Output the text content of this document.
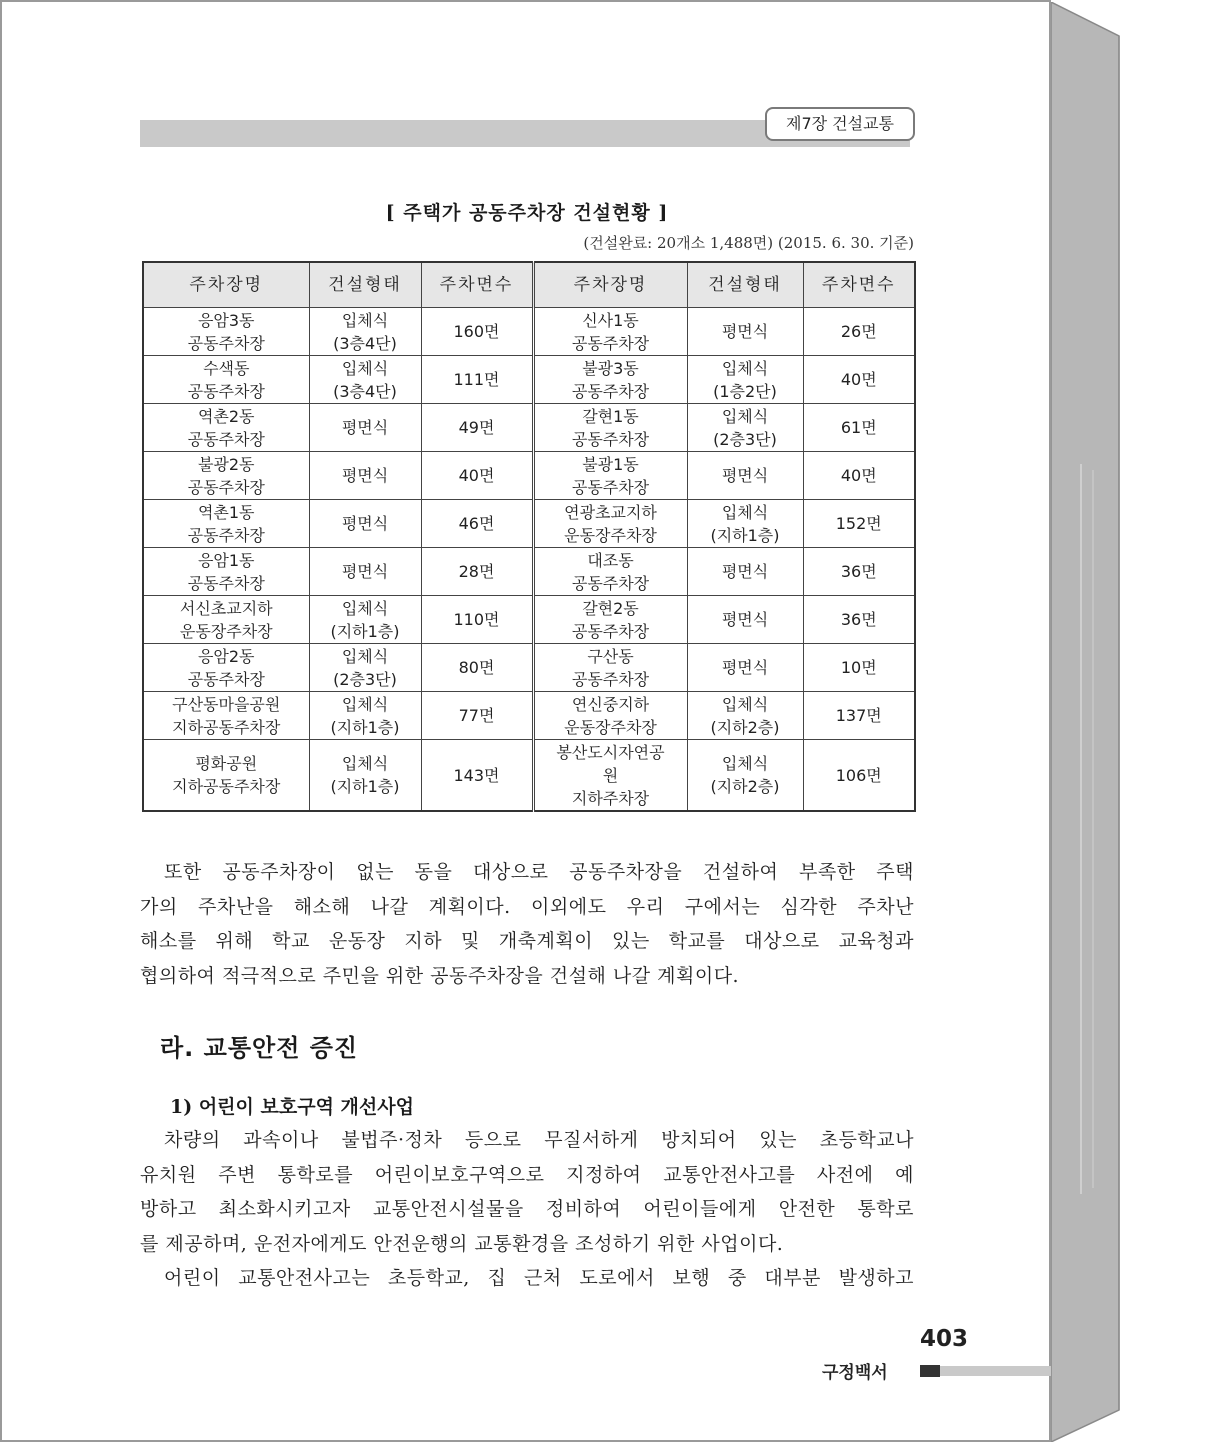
제7장 건설교통
[ 주택가 공동주차장 건설현황 ]
(건설완료: 20개소 1,488면) (2015. 6. 30. 기준)
주차장명	건설형태	주차면수	주차장명	건설형태	주차면수

응암3동
공동주차장	입체식
(3층4단)	160면	신사1동
공동주차장	평면식	26면

수색동
공동주차장	입체식
(3층4단)	111면	불광3동
공동주차장	입체식
(1층2단)	40면

역촌2동
공동주차장	평면식	49면	갈현1동
공동주차장	입체식
(2층3단)	61면

불광2동
공동주차장	평면식	40면	불광1동
공동주차장	평면식	40면

역촌1동
공동주차장	평면식	46면	연광초교지하
운동장주차장	입체식
(지하1층)	152면

응암1동
공동주차장	평면식	28면	대조동
공동주차장	평면식	36면

서신초교지하
운동장주차장	입체식
(지하1층)	110면	갈현2동
공동주차장	평면식	36면

응암2동
공동주차장	입체식
(2층3단)	80면	구산동
공동주차장	평면식	10면

구산동마을공원
지하공동주차장	입체식
(지하1층)	77면	연신중지하
운동장주차장	입체식
(지하2층)	137면

평화공원
지하공동주차장	입체식
(지하1층)	143면	봉산도시자연공
원
지하주차장	입체식
(지하2층)	106면

또한 공동주차장이 없는 동을 대상으로 공동주차장을 건설하여 부족한 주택

가의 주차난을 해소해 나갈 계획이다. 이외에도 우리 구에서는 심각한 주차난

해소를 위해 학교 운동장 지하 및 개축계획이 있는 학교를 대상으로 교육청과

협의하여 적극적으로 주민을 위한 공동주차장을 건설해 나갈 계획이다.

라. 교통안전 증진
1) 어린이 보호구역 개선사업

차량의 과속이나 불법주·정차 등으로 무질서하게 방치되어 있는 초등학교나

유치원 주변 통학로를 어린이보호구역으로 지정하여 교통안전사고를 사전에 예

방하고 최소화시키고자 교통안전시설물을 정비하여 어린이들에게 안전한 통학로

를 제공하며, 운전자에게도 안전운행의 교통환경을 조성하기 위한 사업이다.

어린이 교통안전사고는 초등학교, 집 근처 도로에서 보행 중 대부분 발생하고

403
구정백서
